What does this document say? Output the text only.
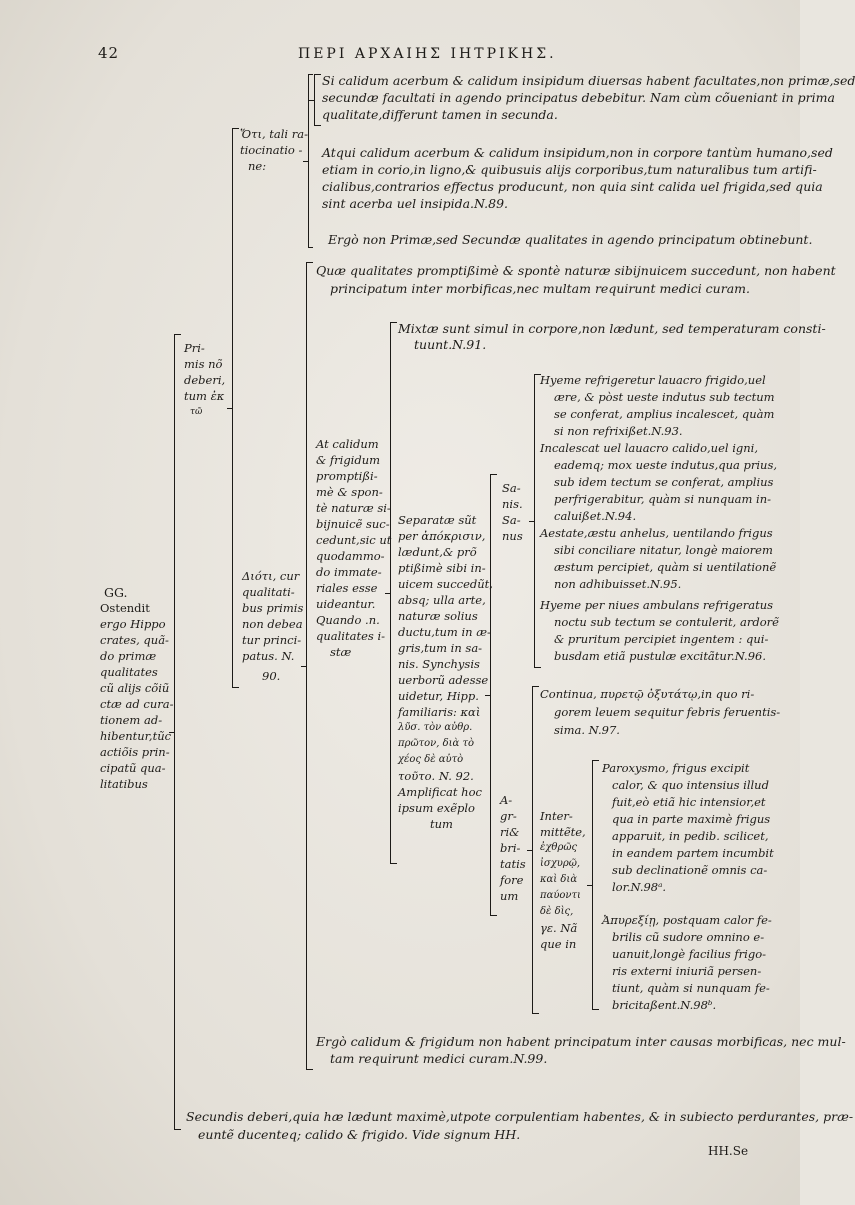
42	ΠΕΡΙ ΑΡΧΑΙΗΣ ΙΗΤΡΙΚΗΣ.
Si calidum acerbum & calidum insipidum diuersas habent facultates,non primæ,sed
secundæ facultati in agendo principatus debebitur. Nam cùm cõueniant in prima
qualitate,differunt tamen in secunda.
Atqui calidum acerbum & calidum insipidum,non in corpore tantùm humano,sed
etiam in corio,in ligno,& quibusuis alijs corporibus,tum naturalibus tum artifi-
cialibus,contrarios effectus producunt, non quia sint calida uel frigida,sed quia
sint acerba uel insipida.N.89.
Ὅτι, tali ra-
tiocinatio -
ne:
Ergò non Primæ,sed Secundæ qualitates in agendo principatum obtinebunt.
Quæ qualitates promptißimè & spontè naturæ sibijnuicem succedunt, non habent
principatum inter morbificas,nec multam requirunt medici curam.
Pri-
mis nõ
deberi,
tum ἐκ
τῶ
Mixtæ sunt simul in corpore,non lædunt, sed temperaturam consti-
tuunt.N.91.
Hyeme refrigeretur lauacro frigido,uel
ære, & pòst ueste indutus sub tectum
se conferat, amplius incalescet, quàm
si non refrixißet.N.93.
Incalescat uel lauacro calido,uel igni,
eademq; mox ueste indutus,qua prius,
sub idem tectum se conferat, amplius
perfrigerabitur, quàm si nunquam in-
caluißet.N.94.
Aestate,æstu anhelus, uentilando frigus
sibi conciliare nitatur, longè maiorem
æstum percipiet, quàm si uentilationẽ
non adhibuisset.N.95.
Hyeme per niues ambulans refrigeratus
noctu sub tectum se contulerit, ardorẽ
& pruritum percipiet ingentem : qui-
busdam etiã pustulæ excitãtur.N.96.
Sa-
nis.
Sa-
nus
At calidum
& frigidum
promptißi-
mè & spon-
tè naturæ si-
bijnuicẽ suc-
cedunt,sic ut
quodammo-
do immate-
riales esse
uideantur.
Quando .n.
qualitates i-
stæ
Separatæ sũt
per ἀπόκρισιν,
lædunt,& prõ
ptißimè sibi in-
uicem succedũt,
absq; ulla arte,
naturæ solius
ductu,tum in æ-
gris,tum in sa-
nis. Synchysis
uerborũ adesse
uidetur, Hipp.
familiaris: καὶ
λῦσ. τὸν αὐθρ.
πρῶτον, διὰ τὸ
χέος δὲ αὐτὸ
τοῦτο. N. 92.
Amplificat hoc
ipsum exẽplo
tum
Διότι, cur
qualitati-
bus primis
non debea
tur princi-
patus. N.
90.
GG.
Ostendit
ergo Hippo
crates, quã-
do primæ
qualitates
cũ alijs cõiũ
ctæ ad cura-
tionem ad-
hibentur,tũc
actiõis prin-
cipatũ qua-
litatibus
Continua, πυρετῷ ὀξυτάτῳ,in quo ri-
gorem leuem sequitur febris feruentis-
sima. N.97.
A-
gr-
ri&
bri-
tatis
fore
um
Inter-
mittẽte,
ἐχθρῶς
ἰσχυρῷ,
καὶ διὰ
παύοντι
δὲ δὶς,
γε. Nã
que in
Paroxysmo, frigus excipit
calor, & quo intensius illud
fuit,eò etiã hic intensior,et
qua in parte maximè frigus
apparuit, in pedib. scilicet,
in eandem partem incumbit
sub declinationẽ omnis ca-
lor.N.98ᵃ.
Ἀπυρεξίῃ, postquam calor fe-
brilis cũ sudore omnino e-
uanuit,longè facilius frigo-
ris externi iniuriã persen-
tiunt, quàm si nunquam fe-
bricitaßent.N.98ᵇ.
Ergò calidum & frigidum non habent principatum inter causas morbificas, nec mul-
tam requirunt medici curam.N.99.
Secundis deberi,quia hæ lædunt maximè,utpote corpulentiam habentes, & in subiecto perdurantes, præ-
euntẽ ducenteq; calido & frigido. Vide signum HH.
HH.Se
